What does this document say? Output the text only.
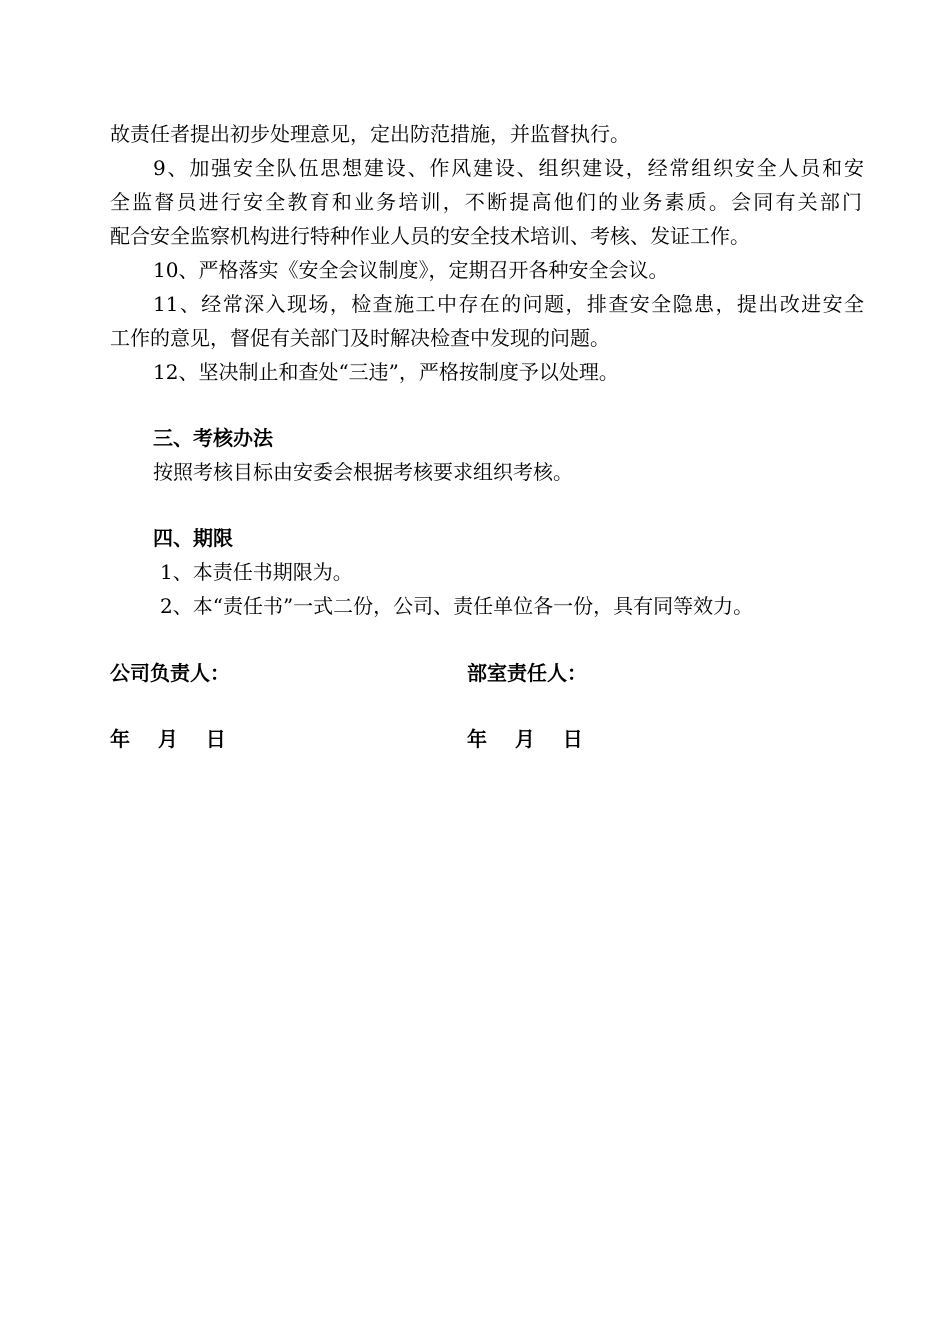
故责任者提出初步处理意见，定出防范措施，并监督执行。
9、加强安全队伍思想建设、作风建设、组织建设，经常组织安全人员和安
全监督员进行安全教育和业务培训，不断提高他们的业务素质。会同有关部门
配合安全监察机构进行特种作业人员的安全技术培训、考核、发证工作。
10、严格落实《安全会议制度》，定期召开各种安全会议。
11、经常深入现场，检查施工中存在的问题，排查安全隐患，提出改进安全
工作的意见，督促有关部门及时解决检查中发现的问题。
12、坚决制止和查处“三违”，严格按制度予以处理。
三、考核办法
按照考核目标由安委会根据考核要求组织考核。
四、期限
1、本责任书期限为。
2、本“责任书”一式二份，公司、责任单位各一份，具有同等效力。
公司负责人：	部室责任人：
年    月    日	年    月    日
